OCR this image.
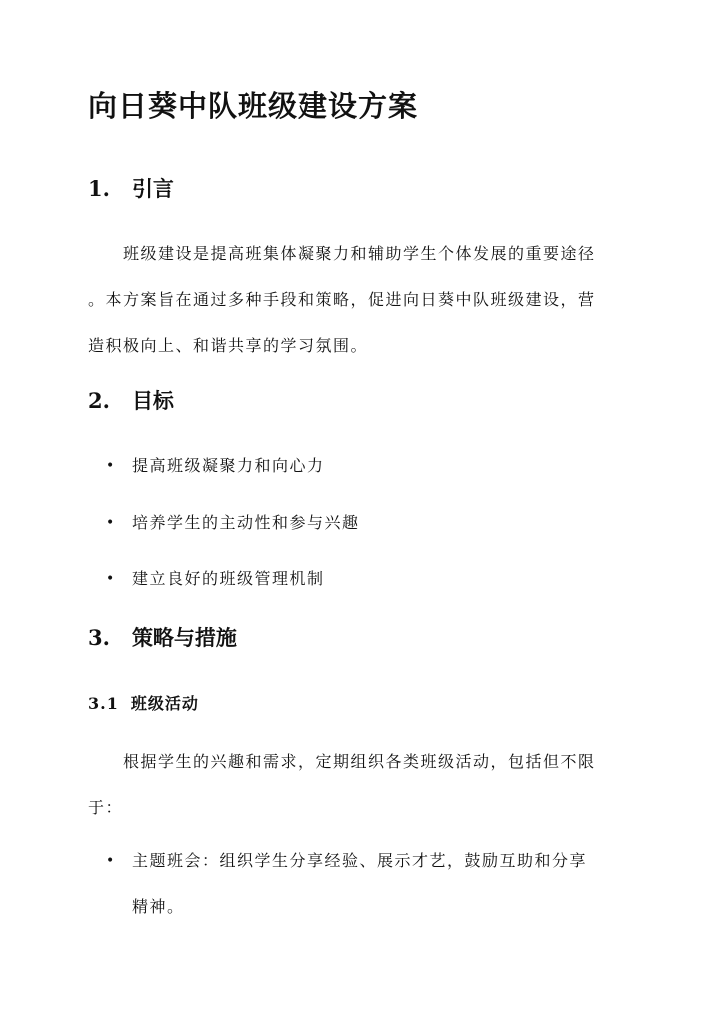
向日葵中队班级建设方案
1. 引言
班级建设是提高班集体凝聚力和辅助学生个体发展的重要途径
。本方案旨在通过多种手段和策略，促进向日葵中队班级建设，营
造积极向上、和谐共享的学习氛围。
2. 目标
• 提高班级凝聚力和向心力
• 培养学生的主动性和参与兴趣
• 建立良好的班级管理机制
3. 策略与措施
3.1 班级活动
根据学生的兴趣和需求，定期组织各类班级活动，包括但不限
于：
• 主题班会：组织学生分享经验、展示才艺，鼓励互助和分享
精神。
